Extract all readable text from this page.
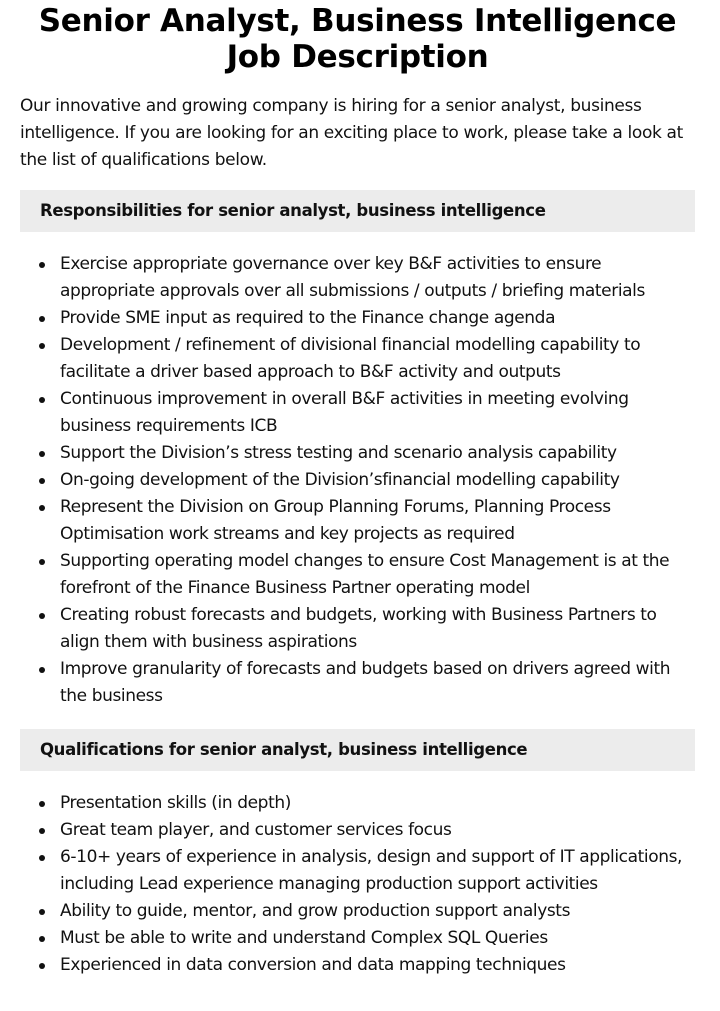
Senior Analyst, Business Intelligence Job Description

Our innovative and growing company is hiring for a senior analyst, business intelligence. If you are looking for an exciting place to work, please take a look at the list of qualifications below.

Responsibilities for senior analyst, business intelligence
Exercise appropriate governance over key B&F activities to ensure appropriate approvals over all submissions / outputs / briefing materials
Provide SME input as required to the Finance change agenda
Development / refinement of divisional financial modelling capability to facilitate a driver based approach to B&F activity and outputs
Continuous improvement in overall B&F activities in meeting evolving business requirements ICB
Support the Division’s stress testing and scenario analysis capability
On-going development of the Division’sfinancial modelling capability
Represent the Division on Group Planning Forums, Planning Process Optimisation work streams and key projects as required
Supporting operating model changes to ensure Cost Management is at the forefront of the Finance Business Partner operating model
Creating robust forecasts and budgets, working with Business Partners to align them with business aspirations
Improve granularity of forecasts and budgets based on drivers agreed with the business
Qualifications for senior analyst, business intelligence
Presentation skills (in depth)
Great team player, and customer services focus
6-10+ years of experience in analysis, design and support of IT applications, including Lead experience managing production support activities
Ability to guide, mentor, and grow production support analysts
Must be able to write and understand Complex SQL Queries
Experienced in data conversion and data mapping techniques
